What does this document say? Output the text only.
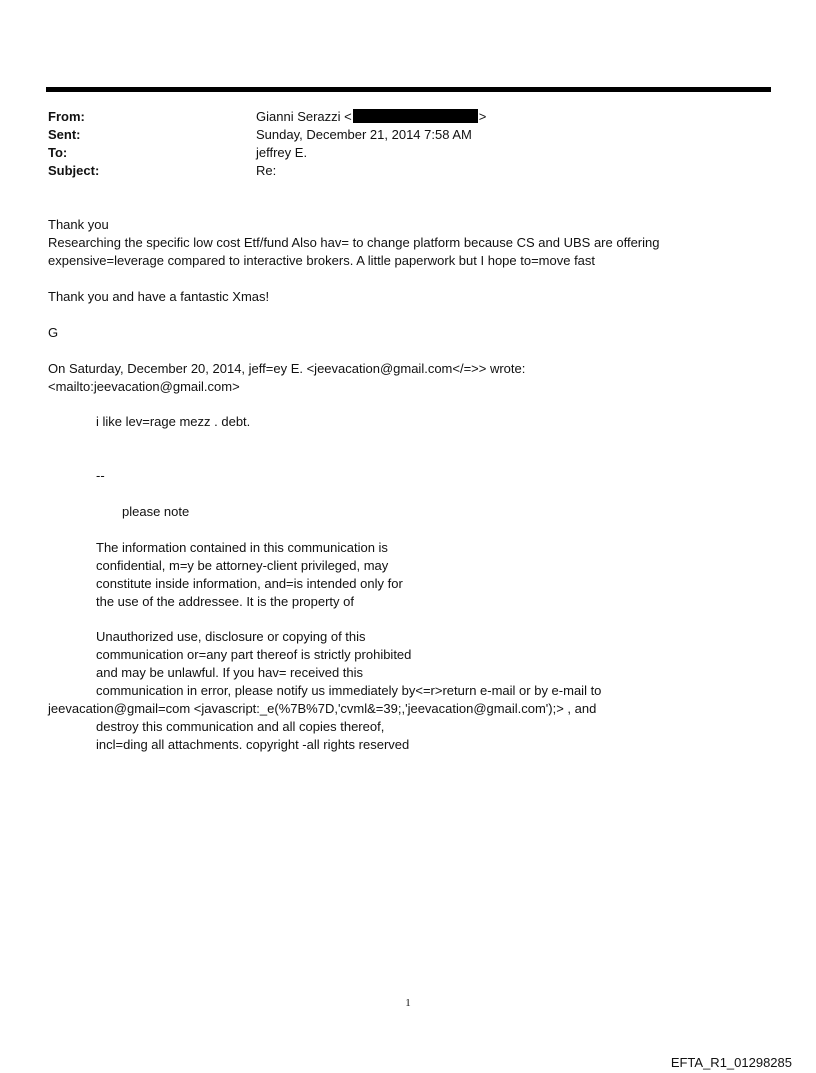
From:	Gianni Serazzi <	>
Sent:	Sunday, December 21, 2014 7:58 AM
To:	jeffrey E.
Subject:	Re:
Thank you
Researching the specific low cost Etf/fund Also hav= to change platform because CS and UBS are offering
expensive=leverage compared to interactive brokers. A little paperwork but I hope to=move fast
Thank you and have a fantastic Xmas!
G
On Saturday, December 20, 2014, jeff=ey E. <jeevacation@gmail.com</=>> wrote:
<mailto:jeevacation@gmail.com>
i like lev=rage mezz . debt.
--
please note
The information contained in this communication is
confidential, m=y be attorney-client privileged, may
constitute inside information, and=is intended only for
the use of the addressee. It is the property of
Unauthorized use, disclosure or copying of this
communication or=any part thereof is strictly prohibited
and may be unlawful. If you hav= received this
communication in error, please notify us immediately by<=r>return e-mail or by e-mail to
jeevacation@gmail=com <javascript:_e(%7B%7D,'cvml&=39;,'jeevacation@gmail.com');> , and
destroy this communication and all copies thereof,
incl=ding all attachments. copyright -all rights reserved
1
EFTA_R1_01298285
